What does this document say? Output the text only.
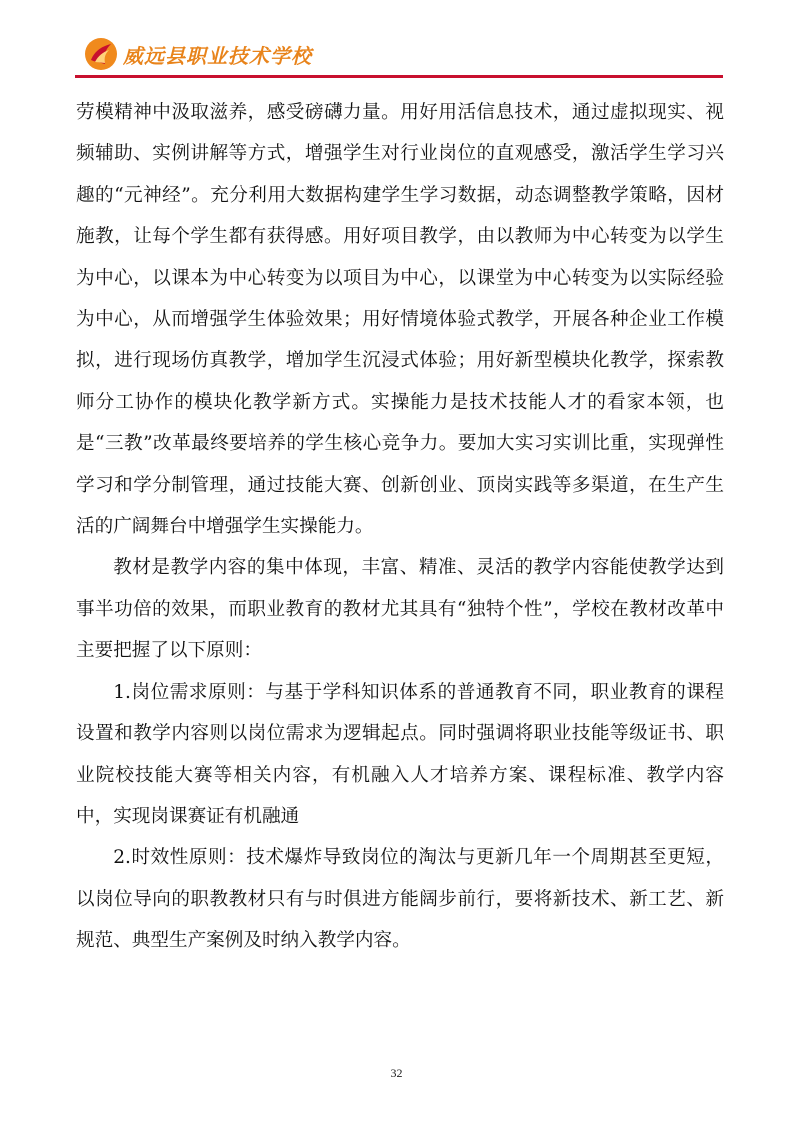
威远县职业技术学校

劳模精神中汲取滋养，感受磅礴力量。用好用活信息技术，通过虚拟现实、视频辅助、实例讲解等方式，增强学生对行业岗位的直观感受，激活学生学习兴趣的“元神经”。充分利用大数据构建学生学习数据，动态调整教学策略，因材施教，让每个学生都有获得感。用好项目教学，由以教师为中心转变为以学生为中心，以课本为中心转变为以项目为中心，以课堂为中心转变为以实际经验为中心，从而增强学生体验效果；用好情境体验式教学，开展各种企业工作模拟，进行现场仿真教学，增加学生沉浸式体验；用好新型模块化教学，探索教师分工协作的模块化教学新方式。实操能力是技术技能人才的看家本领，也是“三教”改革最终要培养的学生核心竞争力。要加大实习实训比重，实现弹性学习和学分制管理，通过技能大赛、创新创业、顶岗实践等多渠道，在生产生活的广阔舞台中增强学生实操能力。

教材是教学内容的集中体现，丰富、精准、灵活的教学内容能使教学达到事半功倍的效果，而职业教育的教材尤其具有“独特个性”，学校在教材改革中主要把握了以下原则：

1.岗位需求原则：与基于学科知识体系的普通教育不同，职业教育的课程设置和教学内容则以岗位需求为逻辑起点。同时强调将职业技能等级证书、职业院校技能大赛等相关内容，有机融入人才培养方案、课程标准、教学内容中，实现岗课赛证有机融通

2.时效性原则：技术爆炸导致岗位的淘汰与更新几年一个周期甚至更短，以岗位导向的职教教材只有与时俱进方能阔步前行，要将新技术、新工艺、新规范、典型生产案例及时纳入教学内容。

32
